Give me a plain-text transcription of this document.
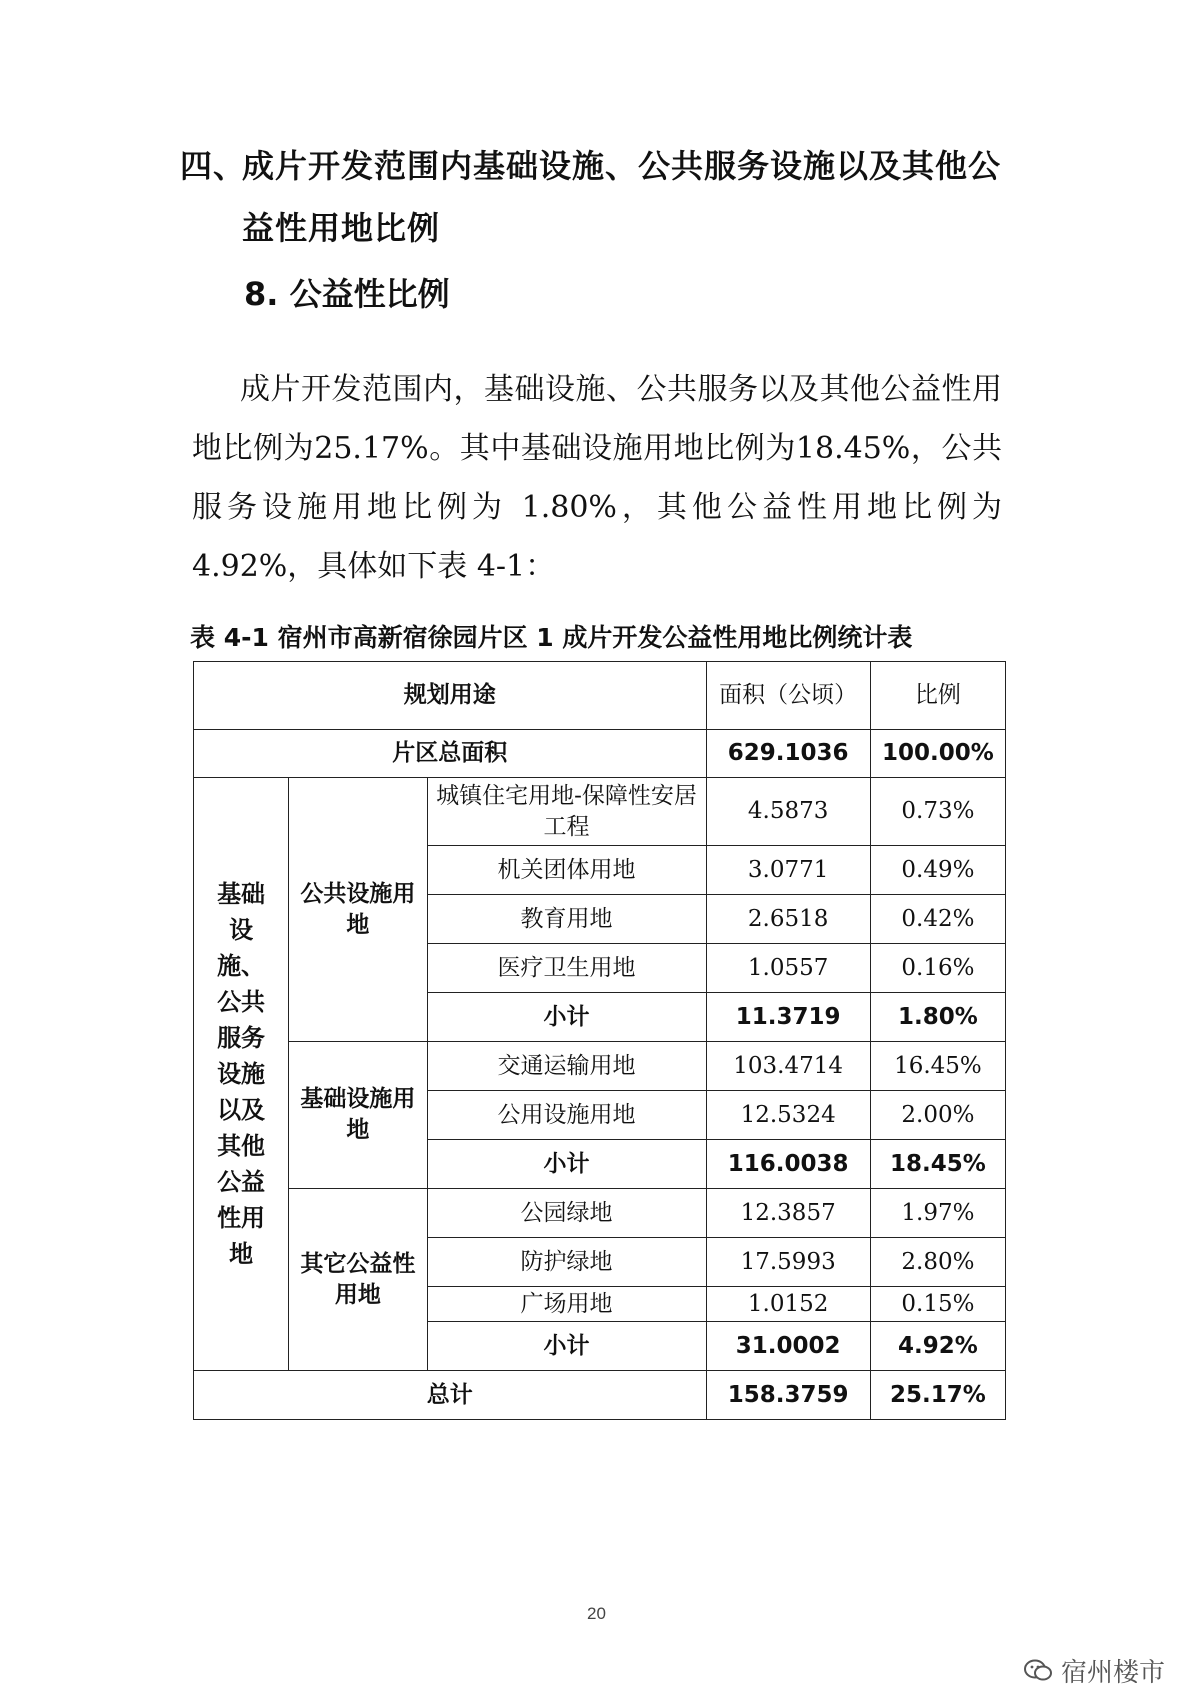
四、成片开发范围内基础设施、公共服务设施以及其他公
益性用地比例
8. 公益性比例

成片开发范围内，基础设施、公共服务以及其他公益性用地比例为25.17%。其中基础设施用地比例为18.45%，公共服务设施用地比例为 1.80%，其他公益性用地比例为4.92%，具体如下表 4-1：

表 4-1 宿州市高新宿徐园片区 1 成片开发公益性用地比例统计表
规划用途			面积（公顷）	比例
片区总面积			629.1036	100.00%
基础设施、公共服务设施以及其他公益性用地	公共设施用地	城镇住宅用地-保障性安居工程	4.5873	0.73%
		机关团体用地	3.0771	0.49%
		教育用地	2.6518	0.42%
		医疗卫生用地	1.0557	0.16%
		小计	11.3719	1.80%
	基础设施用地	交通运输用地	103.4714	16.45%
		公用设施用地	12.5324	2.00%
		小计	116.0038	18.45%
	其它公益性用地	公园绿地	12.3857	1.97%
		防护绿地	17.5993	2.80%
		广场用地	1.0152	0.15%
		小计	31.0002	4.92%
总计			158.3759	25.17%
20
宿州楼市
